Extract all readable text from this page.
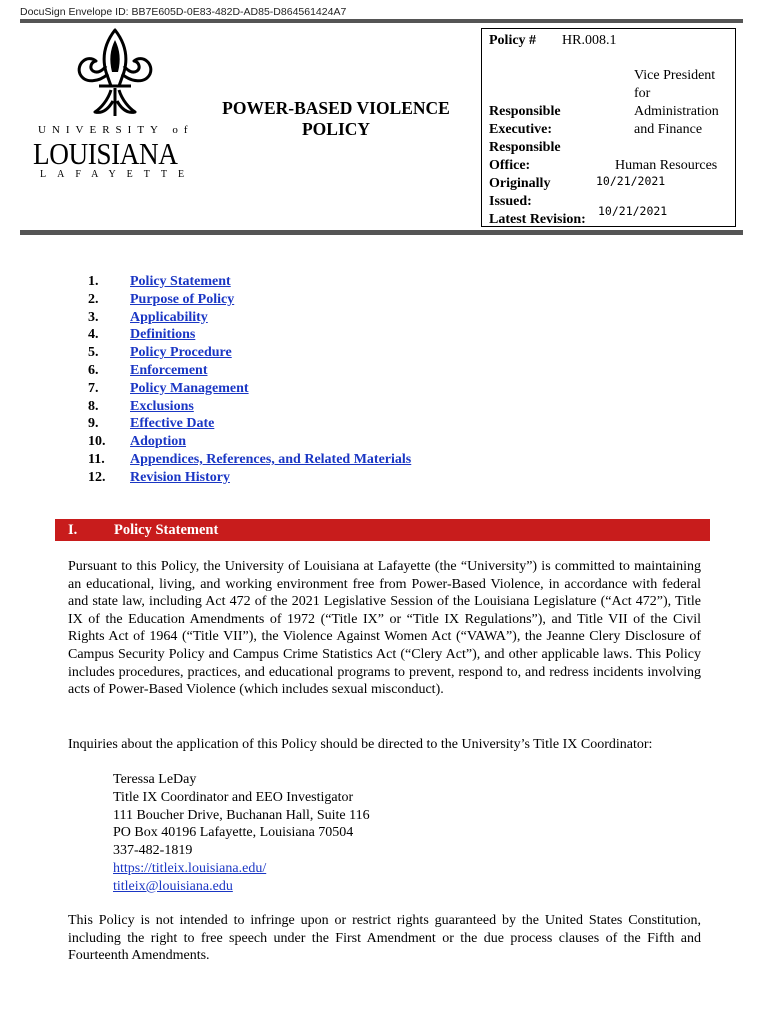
DocuSign Envelope ID: BB7E605D-0E83-482D-AD85-D864561424A7
UNIVERSITY of
LOUISIANA
LAFAYETTE
POWER-BASED VIOLENCE
POLICY
Policy # HR.008.1
Responsible
Executive:
Vice President
for
Administration
and Finance
Responsible
Office:	Human Resources
Originally
Issued:
10/21/2021
Latest Revision:
10/21/2021
1. Policy Statement
2. Purpose of Policy
3. Applicability
4. Definitions
5. Policy Procedure
6. Enforcement
7. Policy Management
8. Exclusions
9. Effective Date
10. Adoption
11. Appendices, References, and Related Materials
12. Revision History
I.	Policy Statement
Pursuant to this Policy, the University of Louisiana at Lafayette (the “University”) is committed to maintaining an educational, living, and working environment free from Power-Based Violence, in accordance with federal and state law, including Act 472 of the 2021 Legislative Session of the Louisiana Legislature (“Act 472”), Title IX of the Education Amendments of 1972 (“Title IX” or “Title IX Regulations”), and Title VII of the Civil Rights Act of 1964 (“Title VII”), the Violence Against Women Act (“VAWA”), the Jeanne Clery Disclosure of Campus Security Policy and Campus Crime Statistics Act (“Clery Act”), and other applicable laws. This Policy includes procedures, practices, and educational programs to prevent, respond to, and redress incidents involving acts of Power-Based Violence (which includes sexual misconduct).
Inquiries about the application of this Policy should be directed to the University’s Title IX Coordinator:
Teressa LeDay
Title IX Coordinator and EEO Investigator
111 Boucher Drive, Buchanan Hall, Suite 116
PO Box 40196 Lafayette, Louisiana 70504
337-482-1819
https://titleix.louisiana.edu/
titleix@louisiana.edu
This Policy is not intended to infringe upon or restrict rights guaranteed by the United States Constitution, including the right to free speech under the First Amendment or the due process clauses of the Fifth and Fourteenth Amendments.
